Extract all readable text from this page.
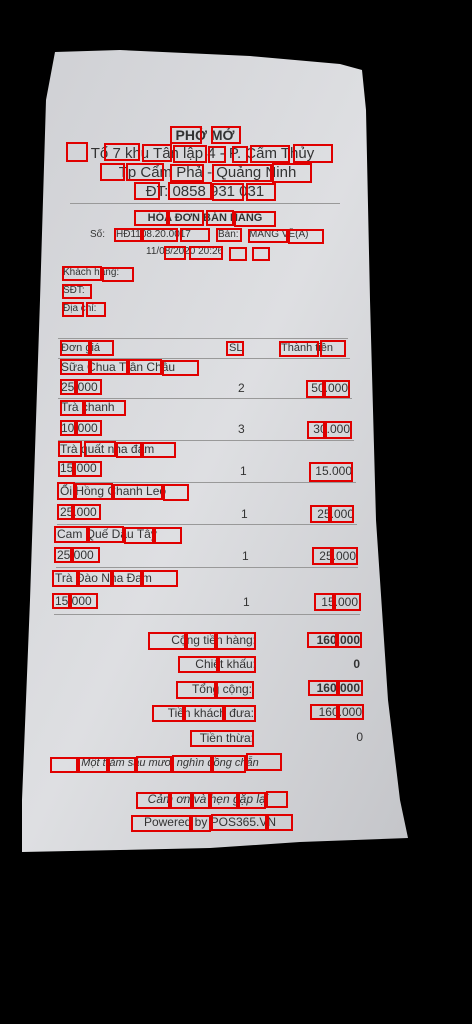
PHỞ MỞ
Tổ 7 khu Tân lập 4 - P. Cẩm Thủy
Tp Cẩm Phả - Quảng Ninh
ĐT: 0858 931 031
HÓA ĐƠN BÁN HÀNG
Số: HĐ1108.20.0017	Bàn: MANG VỀ(A)
11/08/2020 20:26
Khách hàng:
SĐT:
Địa chỉ:
Đơn giá	SL	Thành tiền
Sữa Chua Trân Châu
25.000	2	50.000
Trà chanh
10.000	3	30.000
Trà quất nha đam
15.000	1	15.000
Ổi Hồng Chanh Leo
25.000	1	25.000
Cam Quế Dâu Tây
25.000	1	25.000
Trà Đào Nha Đam
15.000	1	15.000
Cộng tiền hàng:	160.000
Chiết khấu:	0
Tổng cộng:	160.000
Tiền khách đưa:	160.000
Tiền thừa:	0
Một trăm sáu mươi nghìn đồng chẵn
Cảm ơn và hẹn gặp lại
Powered by POS365.VN
